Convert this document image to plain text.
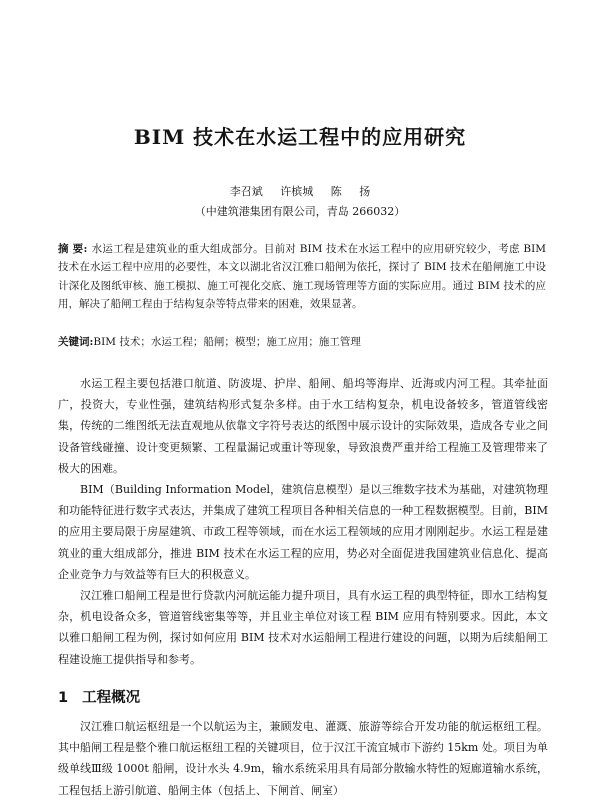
BIM 技术在水运工程中的应用研究
李召斌 许槟城 陈 扬
（中建筑港集团有限公司，青岛 266032）
摘 要: 水运工程是建筑业的重大组成部分。目前对 BIM 技术在水运工程中的应用研究较少，考虑 BIM 技术在水运工程中应用的必要性，本文以湖北省汉江雅口船闸为依托，探讨了 BIM 技术在船闸施工中设计深化及图纸审核、施工模拟、施工可视化交底、施工现场管理等方面的实际应用。通过 BIM 技术的应用，解决了船闸工程由于结构复杂等特点带来的困难，效果显著。
关键词:BIM 技术；水运工程；船闸；模型；施工应用；施工管理

水运工程主要包括港口航道、防波堤、护岸、船闸、船坞等海岸、近海或内河工程。其牵扯面广，投资大，专业性强，建筑结构形式复杂多样。由于水工结构复杂，机电设备较多，管道管线密集，传统的二维图纸无法直观地从依靠文字符号表达的纸图中展示设计的实际效果，造成各专业之间设备管线碰撞、设计变更频繁、工程量漏记或重计等现象，导致浪费严重并给工程施工及管理带来了极大的困难。

BIM（Building Information Model，建筑信息模型）是以三维数字技术为基础，对建筑物理和功能特征进行数字式表达，并集成了建筑工程项目各种相关信息的一种工程数据模型。目前，BIM 的应用主要局限于房屋建筑、市政工程等领域，而在水运工程领域的应用才刚刚起步。水运工程是建筑业的重大组成部分，推进 BIM 技术在水运工程的应用，势必对全面促进我国建筑业信息化、提高企业竞争力与效益等有巨大的积极意义。

汉江雅口船闸工程是世行贷款内河航运能力提升项目，具有水运工程的典型特征，即水工结构复杂，机电设备众多，管道管线密集等等，并且业主单位对该工程 BIM 应用有特别要求。因此，本文以雅口船闸工程为例，探讨如何应用 BIM 技术对水运船闸工程进行建设的问题，以期为后续船闸工程建设施工提供指导和参考。

1 工程概况

汉江雅口航运枢纽是一个以航运为主，兼顾发电、灌溉、旅游等综合开发功能的航运枢纽工程。其中船闸工程是整个雅口航运枢纽工程的关键项目，位于汉江干流宜城市下游约 15km 处。项目为单级单线Ⅲ级 1000t 船闸，设计水头 4.9m，输水系统采用具有局部分散输水特性的短廊道输水系统，工程包括上游引航道、船闸主体（包括上、下闸首、闸室）
